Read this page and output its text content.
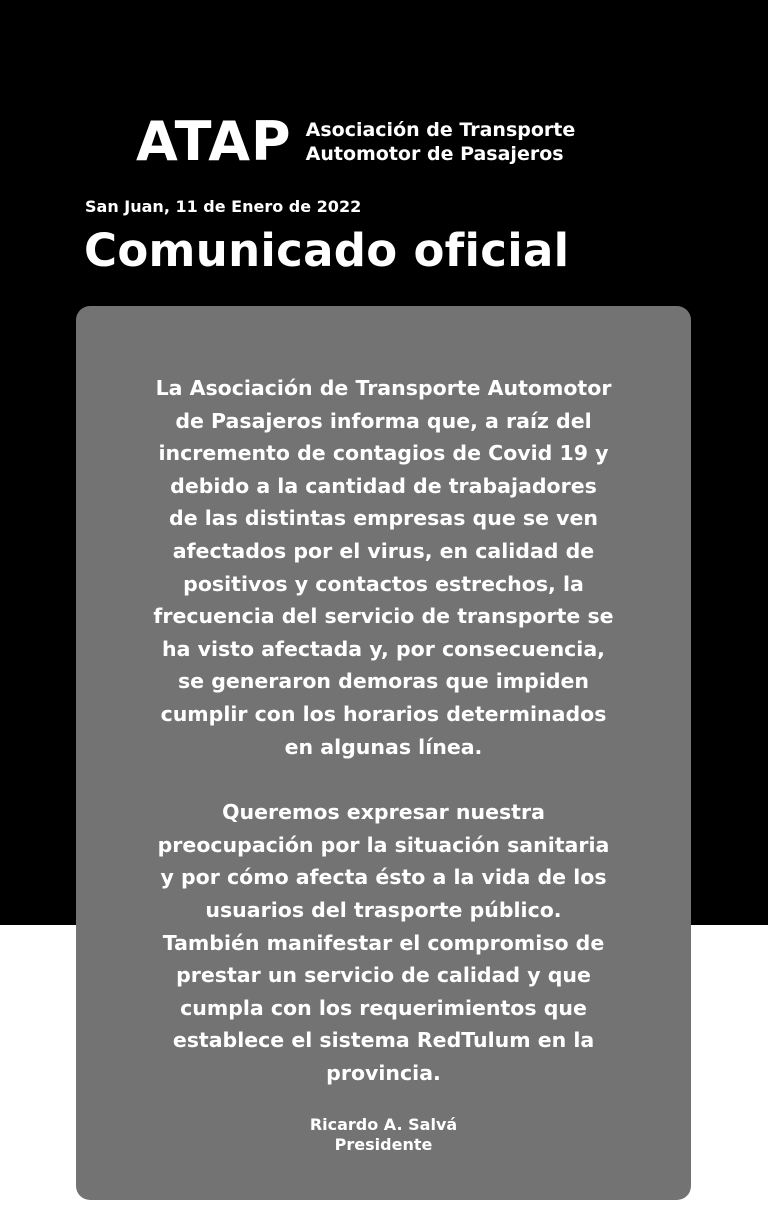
ATAP Asociación de Transporte
Automotor de Pasajeros
San Juan, 11 de Enero de 2022
Comunicado oficial

La Asociación de Transporte Automotor
de Pasajeros informa que, a raíz del
incremento de contagios de Covid 19 y
debido a la cantidad de trabajadores
de las distintas empresas que se ven
afectados por el virus, en calidad de
positivos y contactos estrechos, la
frecuencia del servicio de transporte se
ha visto afectada y, por consecuencia,
se generaron demoras que impiden
cumplir con los horarios determinados
en algunas línea.

Queremos expresar nuestra
preocupación por la situación sanitaria
y por cómo afecta ésto a la vida de los
usuarios del trasporte público.
También manifestar el compromiso de
prestar un servicio de calidad y que
cumpla con los requerimientos que
establece el sistema RedTulum en la
provincia.

Ricardo A. Salvá
Presidente
